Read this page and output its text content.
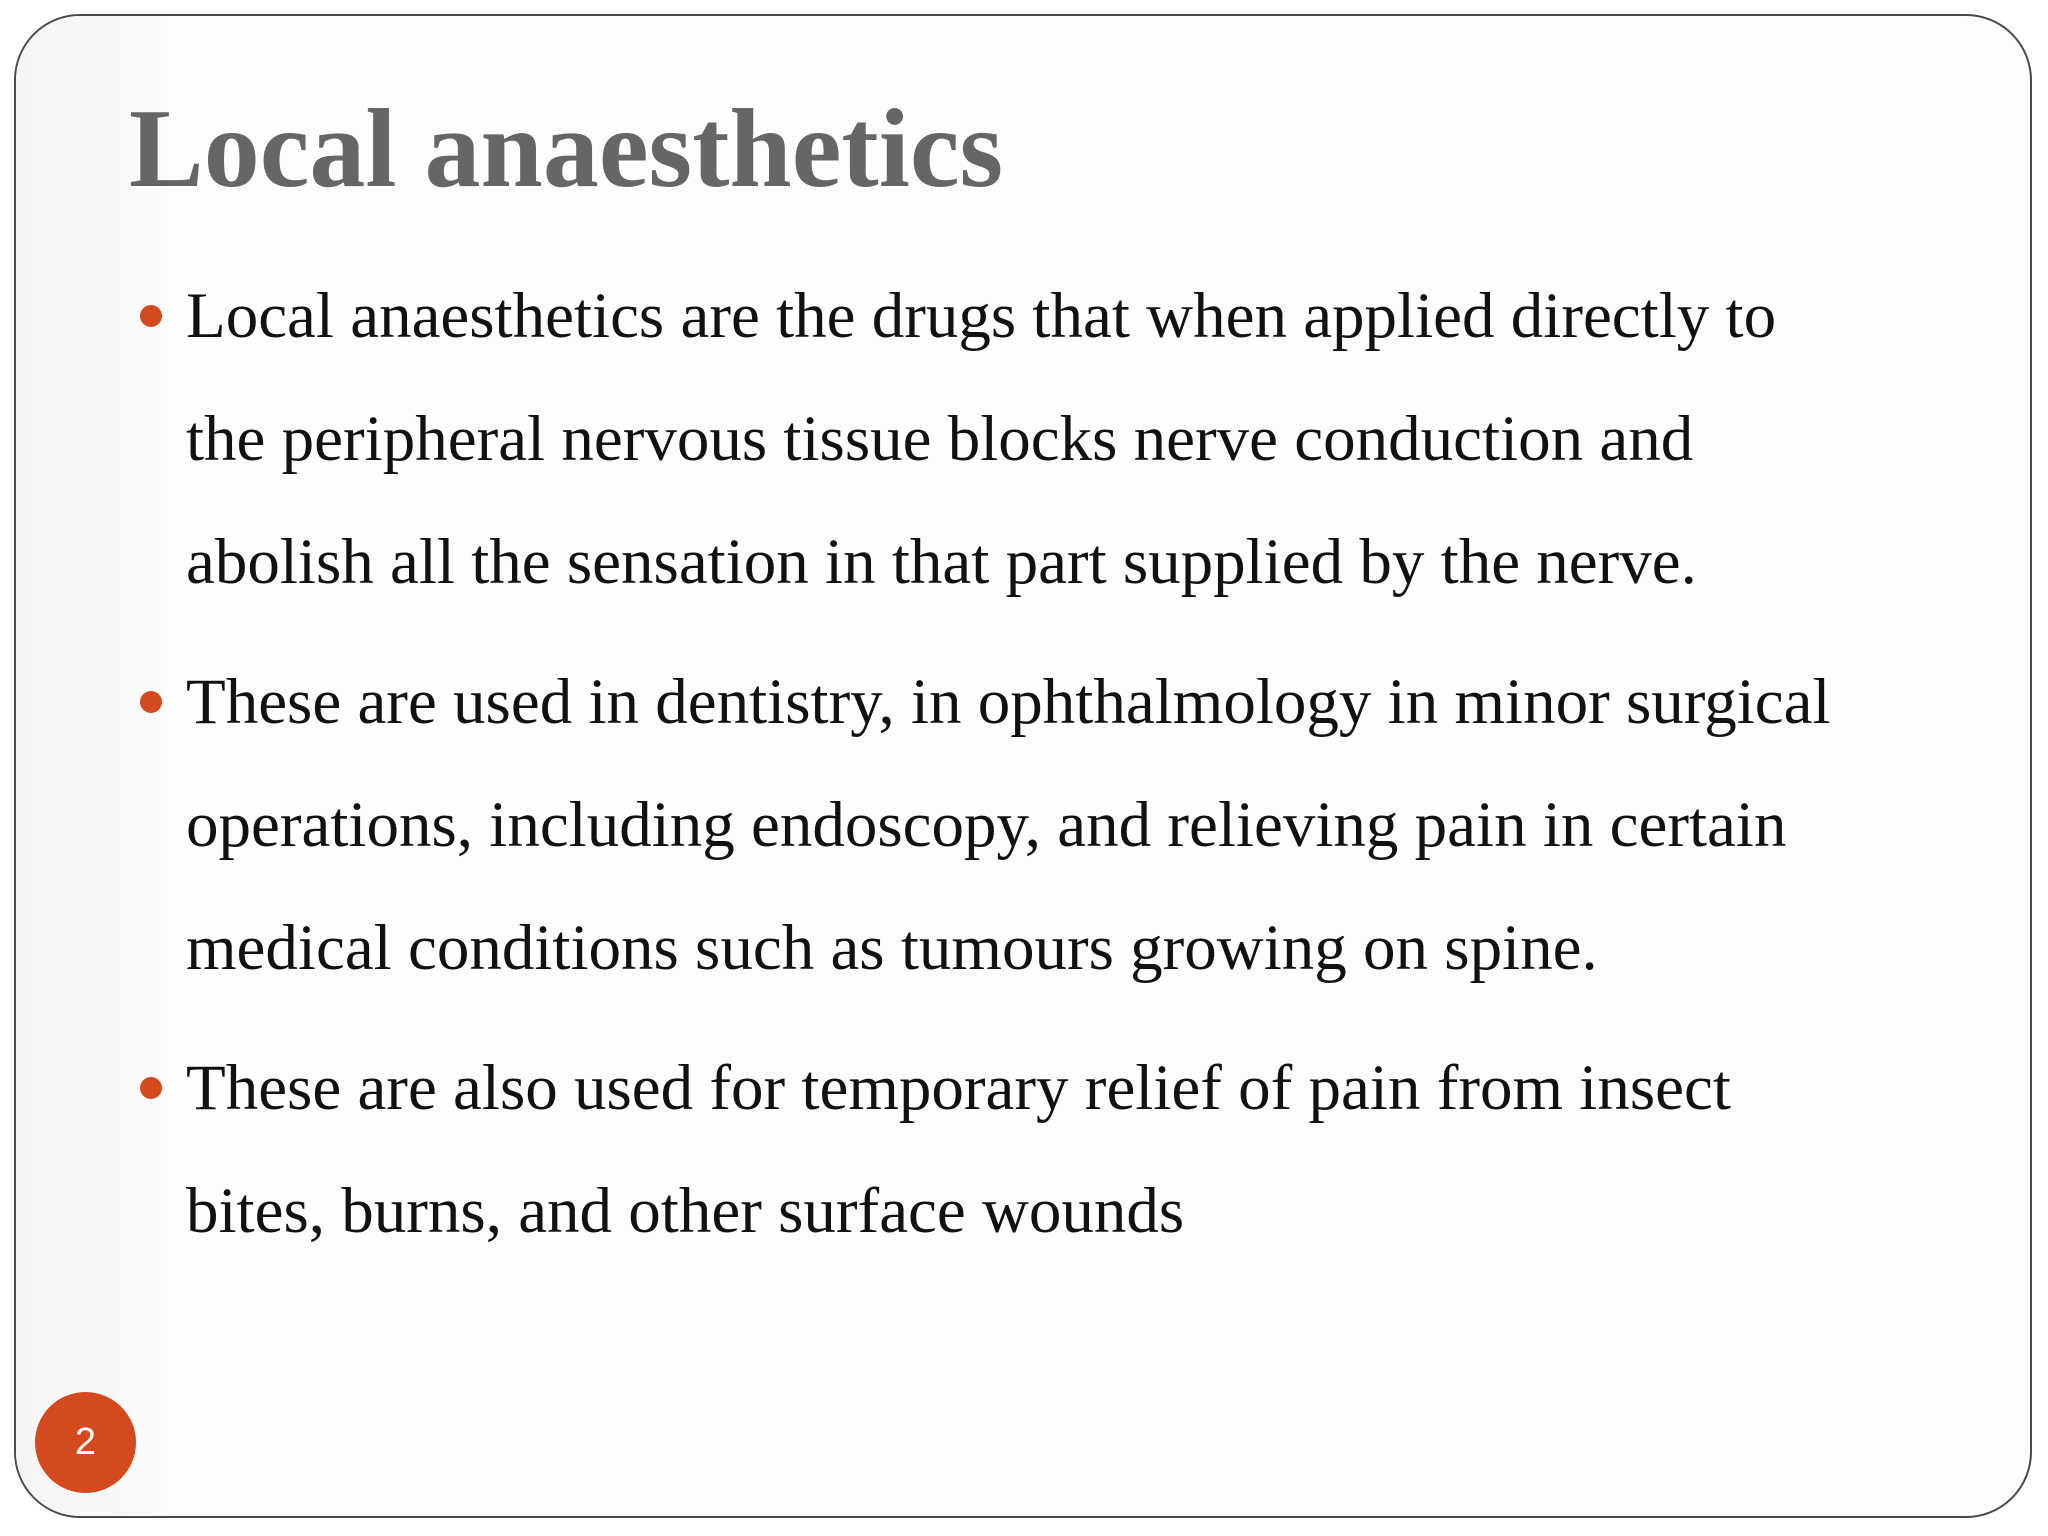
Local anaesthetics
Local anaesthetics are the drugs that when applied directly to
the peripheral nervous tissue blocks nerve conduction and
abolish all the sensation in that part supplied by the nerve.
These are used in dentistry, in ophthalmology in minor surgical
operations, including endoscopy, and relieving pain in certain
medical conditions such as tumours growing on spine.
These are also used for temporary relief of pain from insect
bites, burns, and other surface wounds
2
